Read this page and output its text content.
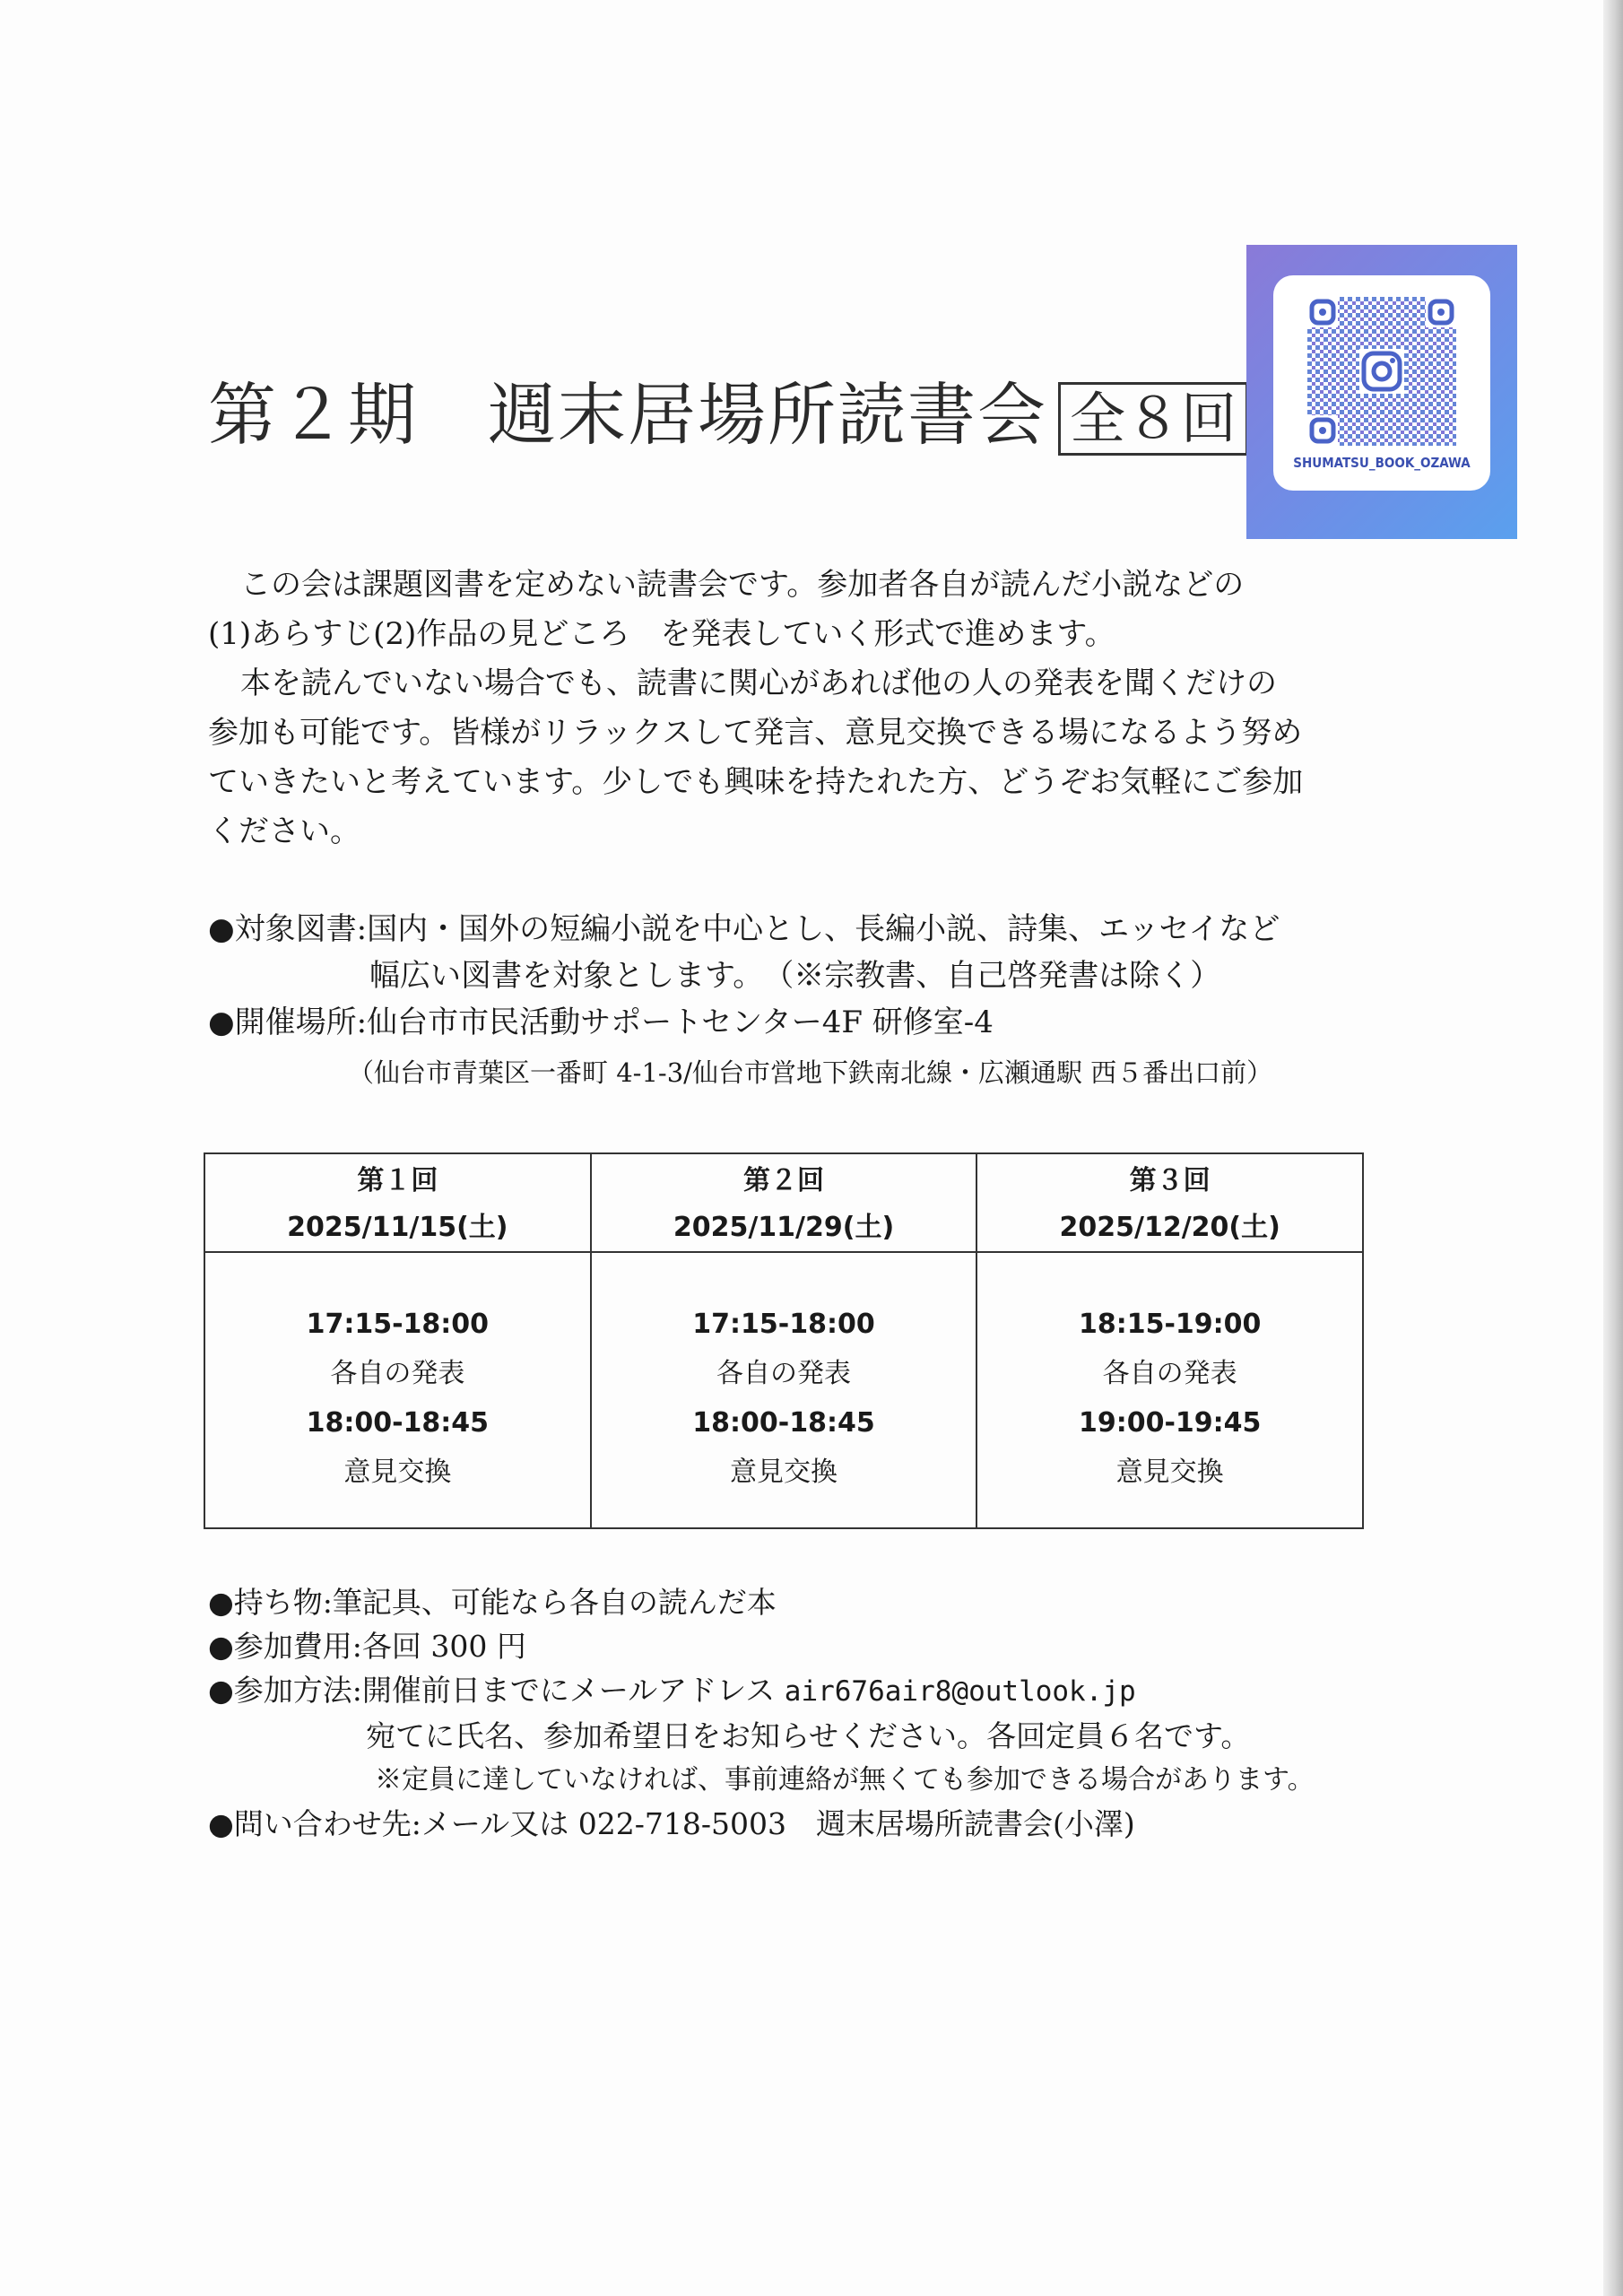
第２期　週末居場所読書会 全８回
SHUMATSU_BOOK_OZAWA

この会は課題図書を定めない読書会です。参加者各自が読んだ小説などの

(1)あらすじ(2)作品の見どころ　を発表していく形式で進めます。

本を読んでいない場合でも、読書に関心があれば他の人の発表を聞くだけの

参加も可能です。皆様がリラックスして発言、意見交換できる場になるよう努め

ていきたいと考えています。少しでも興味を持たれた方、どうぞお気軽にご参加

ください。

●対象図書:国内・国外の短編小説を中心とし、長編小説、詩集、エッセイなど

幅広い図書を対象とします。　（※宗教書、自己啓発書は除く）

●開催場所:仙台市市民活動サポートセンター4F 研修室-4

（仙台市青葉区一番町 4-1-3/仙台市営地下鉄南北線・広瀬通駅 西５番出口前）

第１回
2025/11/15(土)
17:15-18:00
各自の発表
18:00-18:45
意見交換
第２回
2025/11/29(土)
17:15-18:00
各自の発表
18:00-18:45
意見交換
第３回
2025/12/20(土)
18:15-19:00
各自の発表
19:00-19:45
意見交換

●持ち物:筆記具、可能なら各自の読んだ本

●参加費用:各回 300 円

●参加方法:開催前日までにメールアドレス air676air8@outlook.jp

宛てに氏名、参加希望日をお知らせください。各回定員６名です。

※定員に達していなければ、事前連絡が無くても参加できる場合があります。

●問い合わせ先:メール又は 022-718-5003　週末居場所読書会(小澤)
